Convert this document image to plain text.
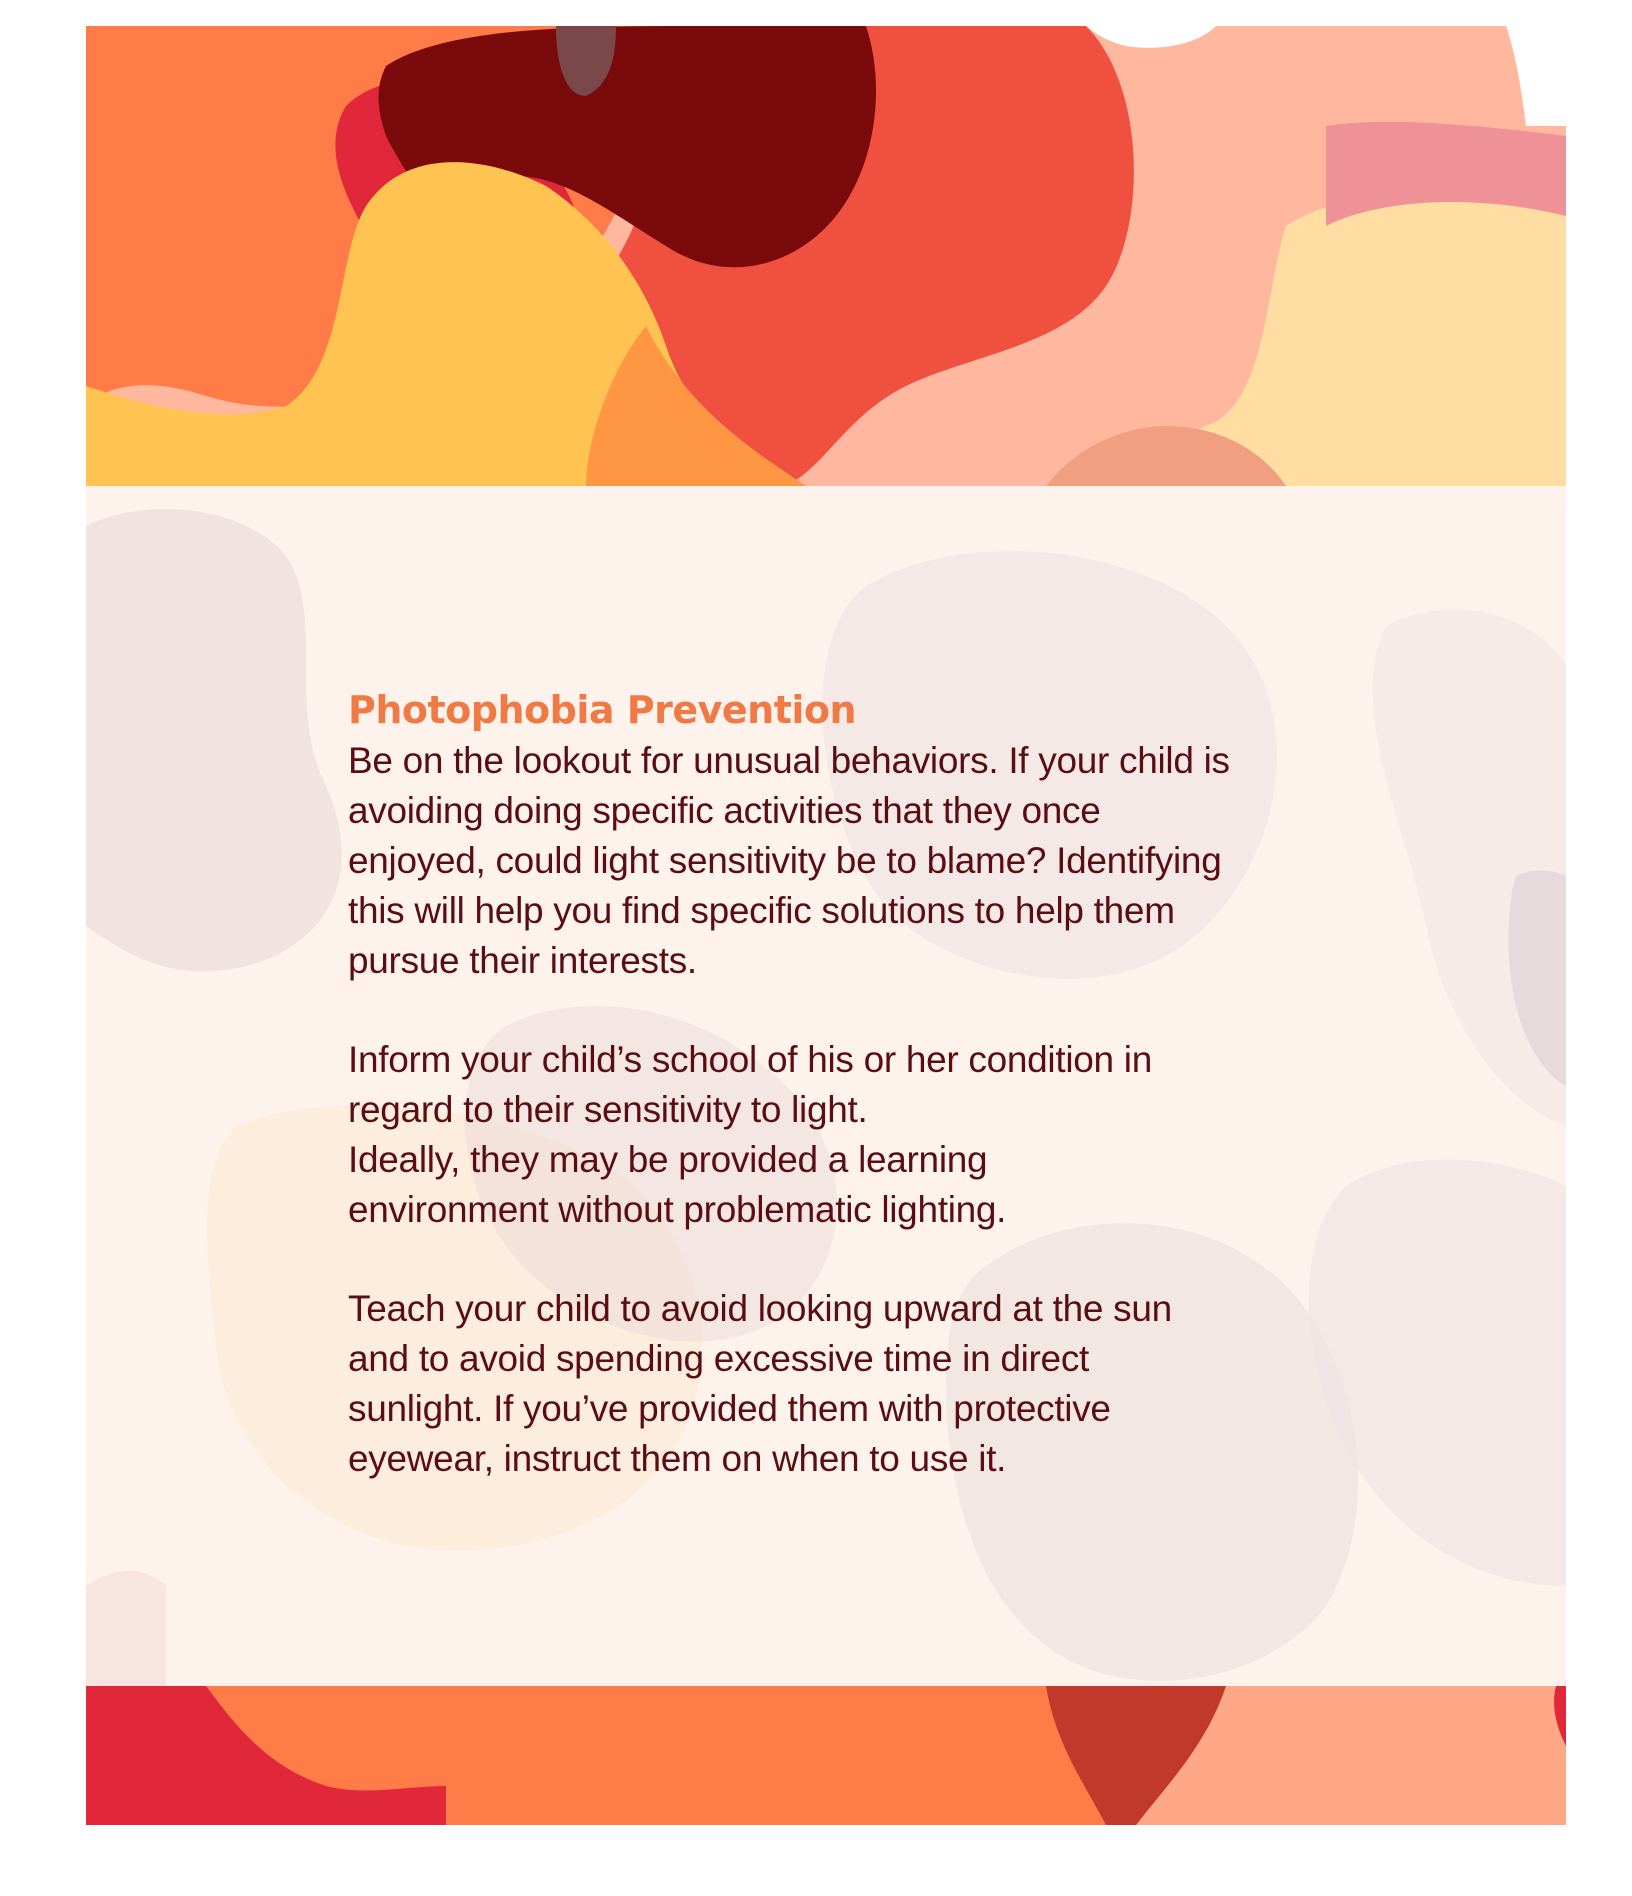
Photophobia Prevention

Be on the lookout for unusual behaviors. If your child is

avoiding doing specific activities that they once

enjoyed, could light sensitivity be to blame? Identifying

this will help you find specific solutions to help them

pursue their interests.

Inform your child’s school of his or her condition in

regard to their sensitivity to light.

Ideally, they may be provided a learning

environment without problematic lighting.

Teach your child to avoid looking upward at the sun

and to avoid spending excessive time in direct

sunlight. If you’ve provided them with protective

eyewear, instruct them on when to use it.
